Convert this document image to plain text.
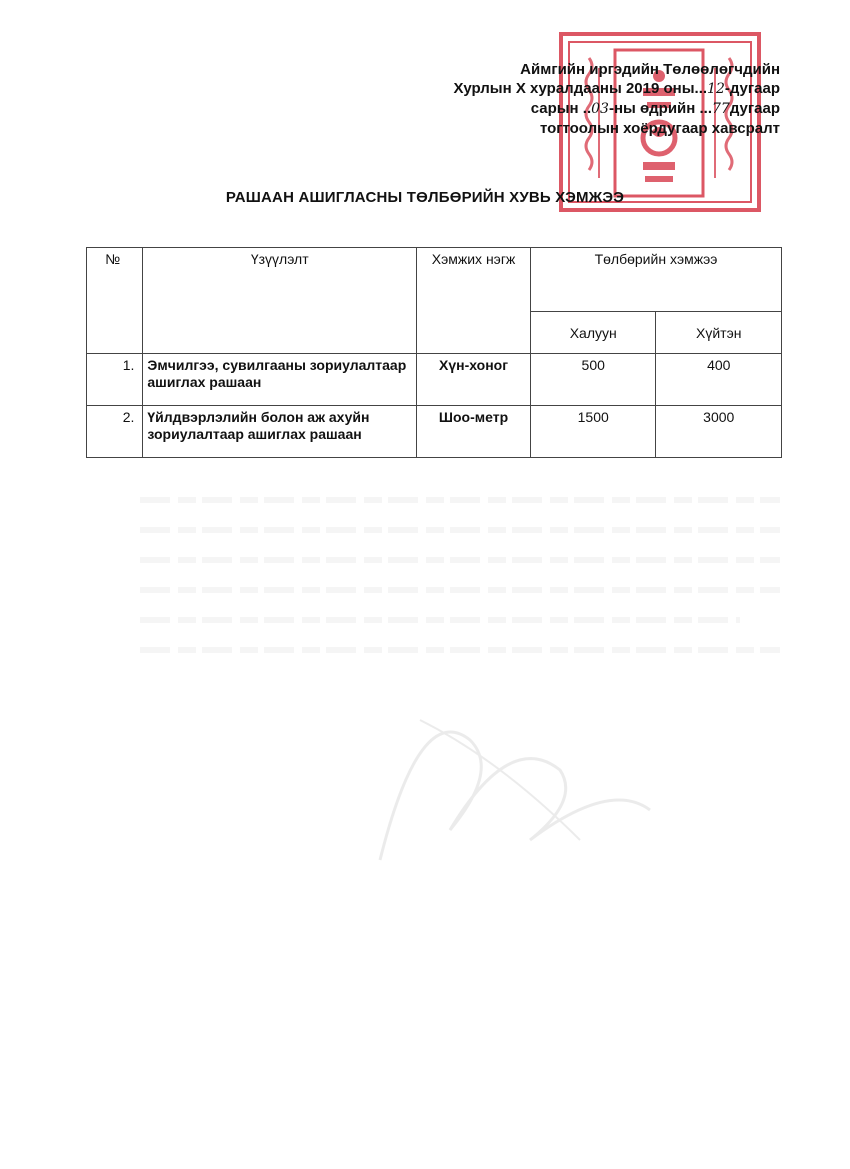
Аймгийн иргэдийн Төлөөлөгчдийн
Хурлын Х хуралдааны 2019 оны...12-дугаар
сарын ..03-ны өдрийн ...77дугаар
тогтоолын хоёрдугаар хавсралт
РАШААН АШИГЛАСНЫ ТӨЛБӨРИЙН ХУВЬ ХЭМЖЭЭ
№	Үзүүлэлт	Хэмжих нэгж	Төлбөрийн хэмжээ	
			Халуун	Хүйтэн
1.	Эмчилгээ, сувилгааны зориулалтаар ашиглах рашаан	Хүн-хоног	500	400
2.	Үйлдвэрлэлийн болон аж ахуйн зориулалтаар ашиглах рашаан	Шоо-метр	1500	3000
